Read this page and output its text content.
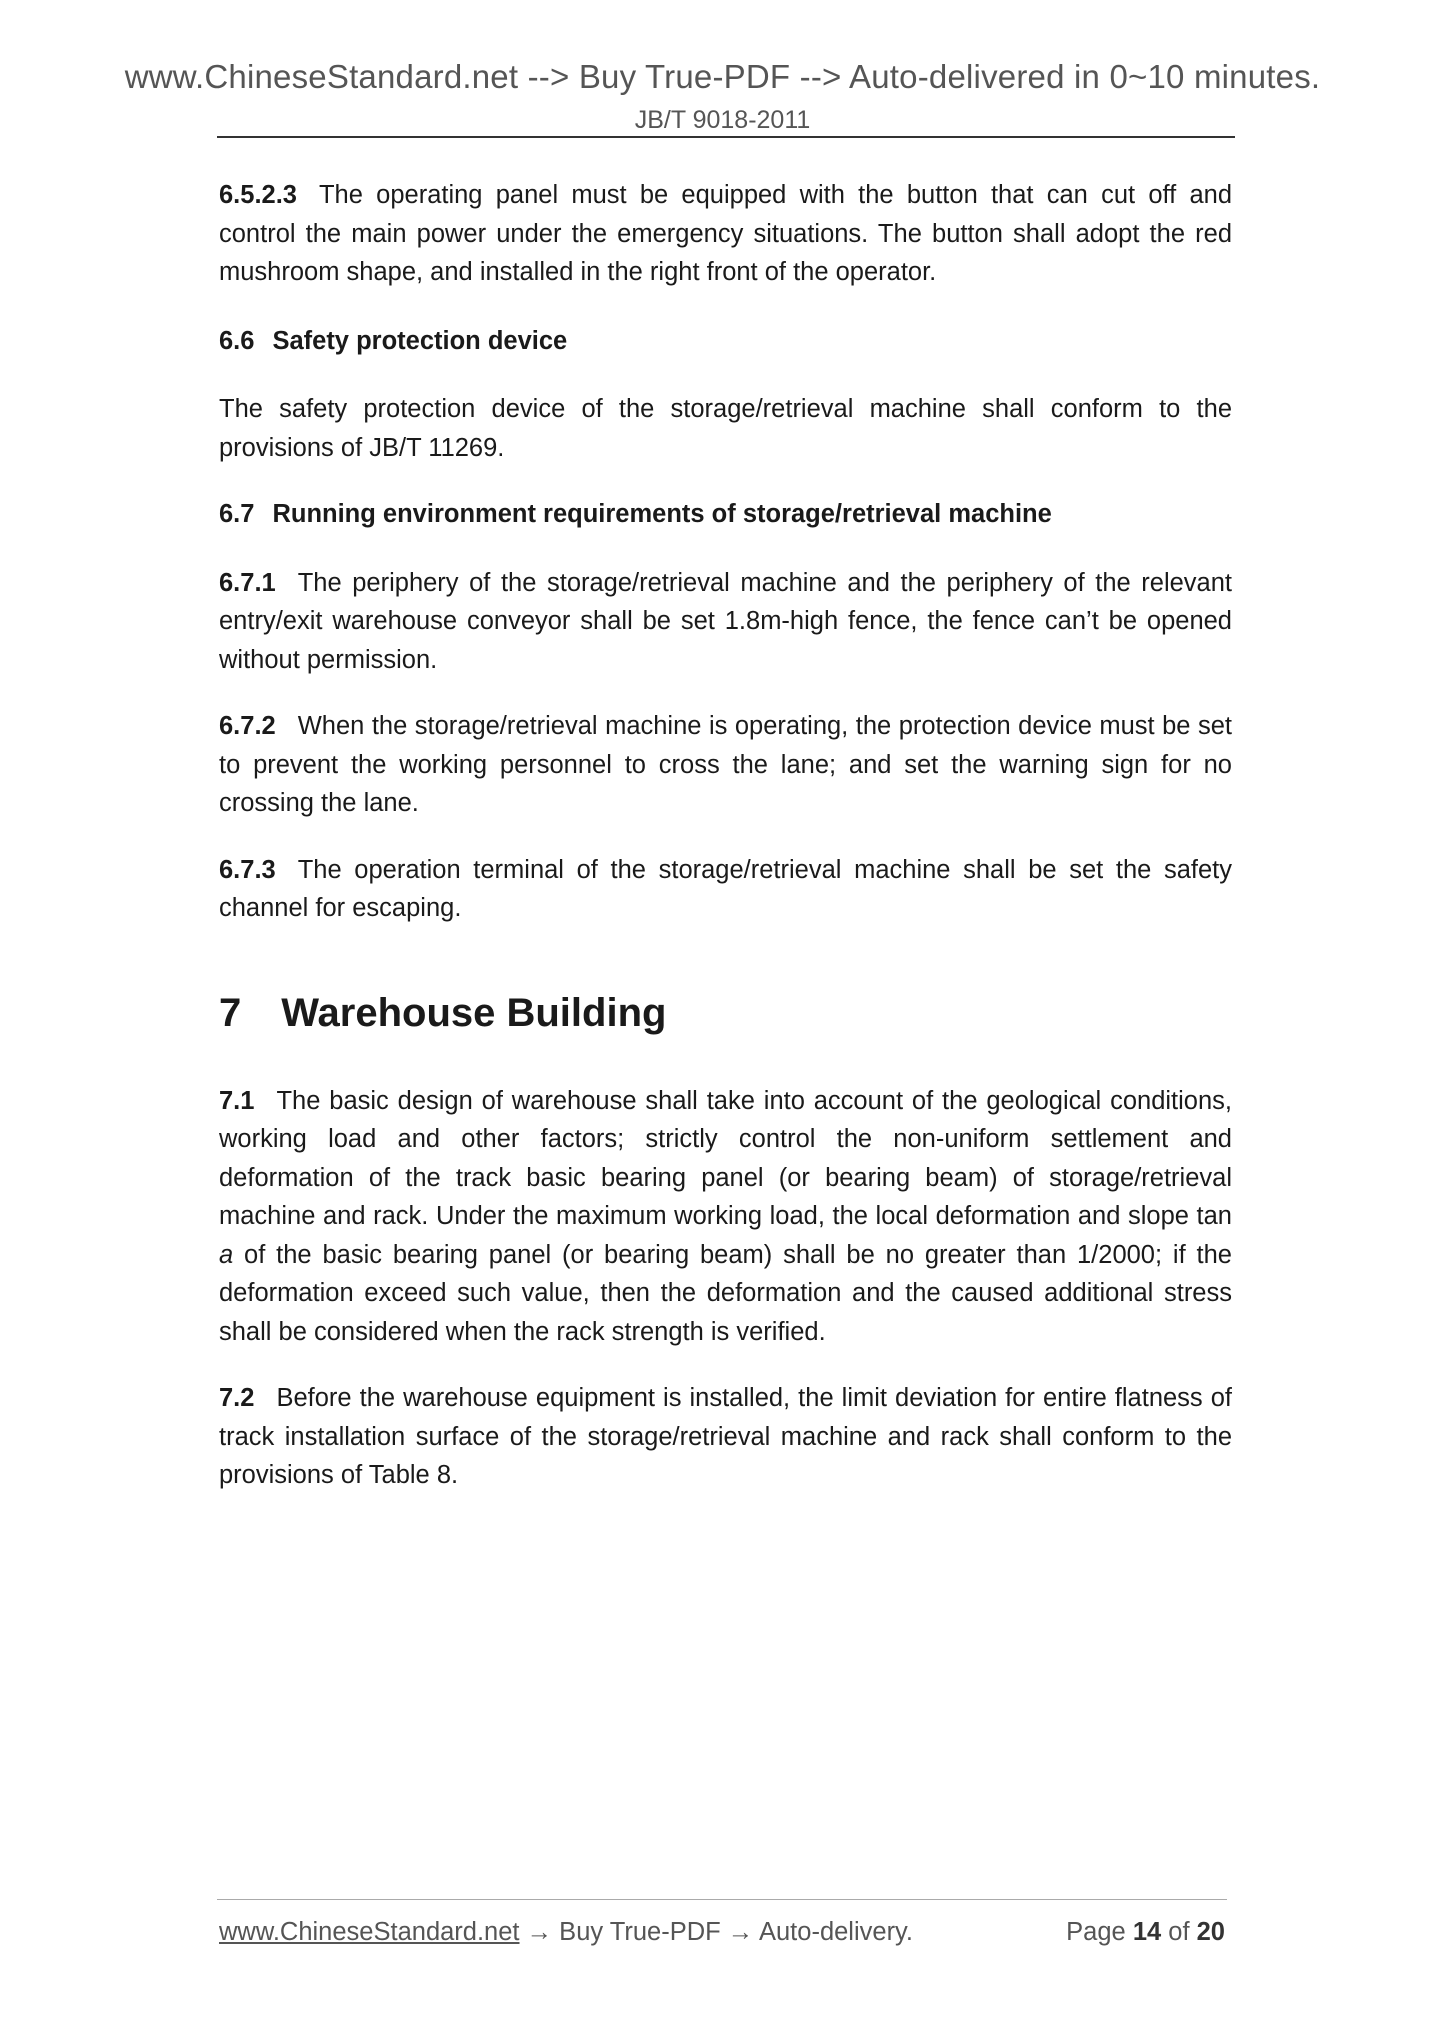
www.ChineseStandard.net --> Buy True-PDF --> Auto-delivered in 0~10 minutes.
JB/T 9018-2011

6.5.2.3 The operating panel must be equipped with the button that can cut off and control the main power under the emergency situations. The button shall adopt the red mushroom shape, and installed in the right front of the operator.

6.6 Safety protection device

The safety protection device of the storage/retrieval machine shall conform to the provisions of JB/T 11269.

6.7 Running environment requirements of storage/retrieval machine

6.7.1 The periphery of the storage/retrieval machine and the periphery of the relevant entry/exit warehouse conveyor shall be set 1.8m-high fence, the fence can’t be opened without permission.

6.7.2 When the storage/retrieval machine is operating, the protection device must be set to prevent the working personnel to cross the lane; and set the warning sign for no crossing the lane.

6.7.3 The operation terminal of the storage/retrieval machine shall be set the safety channel for escaping.

7 Warehouse Building

7.1 The basic design of warehouse shall take into account of the geological conditions, working load and other factors; strictly control the non-uniform settlement and deformation of the track basic bearing panel (or bearing beam) of storage/retrieval machine and rack. Under the maximum working load, the local deformation and slope tan a of the basic bearing panel (or bearing beam) shall be no greater than 1/2000; if the deformation exceed such value, then the deformation and the caused additional stress shall be considered when the rack strength is verified.

7.2 Before the warehouse equipment is installed, the limit deviation for entire flatness of track installation surface of the storage/retrieval machine and rack shall conform to the provisions of Table 8.

www.ChineseStandard.net → Buy True-PDF → Auto-delivery.	Page 14 of 20
